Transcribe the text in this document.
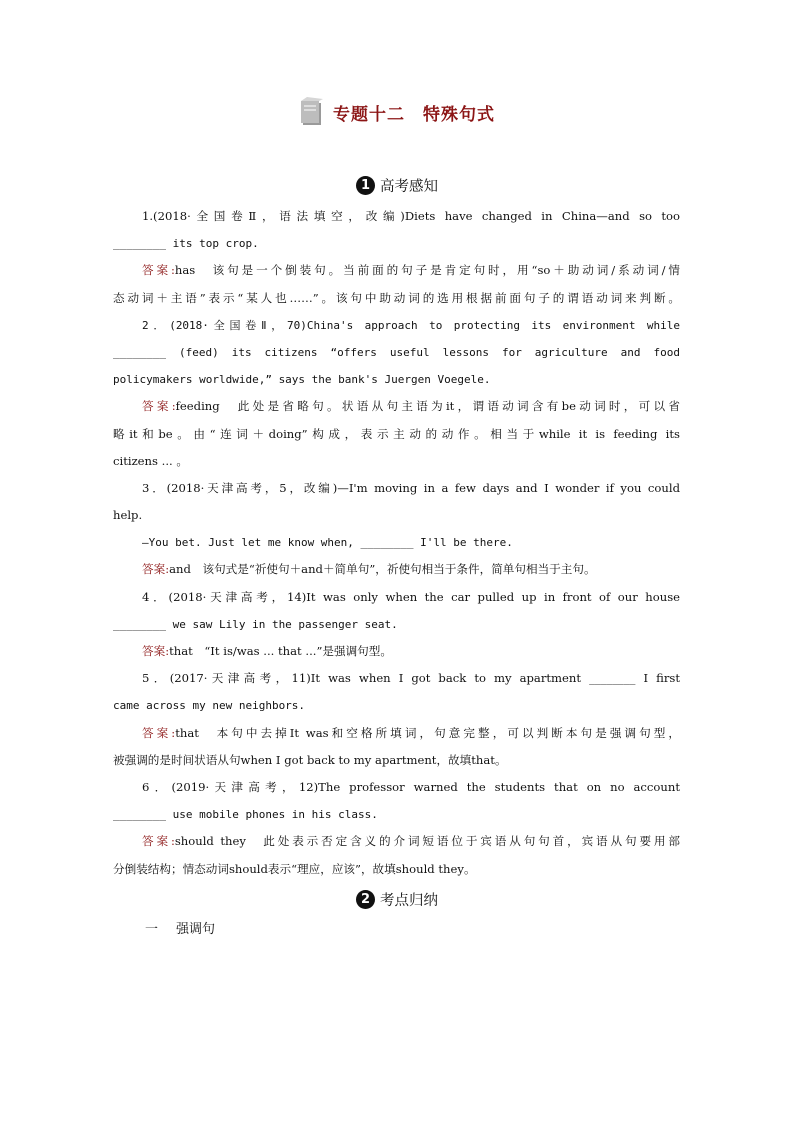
专题十二　特殊句式
1 高考感知
1.(2018·全国卷Ⅱ，语法填空，改编)Diets have changed in China—and so too
________ its top crop.
答案:has　该句是一个倒装句。当前面的句子是肯定句时，用“so＋助动词/系动词/情
态动词＋主语”表示“某人也……”。该句中助动词的选用根据前面句子的谓语动词来判断。
2．(2018·全国卷Ⅱ，70)China's approach to protecting its environment while
________ (feed) its citizens “offers useful lessons for agriculture and food
policymakers worldwide,” says the bank's Juergen Voegele.
答案:feeding　此处是省略句。状语从句主语为it，谓语动词含有be动词时，可以省
略it和be。由“连词＋doing”构成，表示主动的动作。相当于while it is feeding its
citizens ... 。
3．(2018·天津高考，5，改编)—I'm moving in a few days and I wonder if you could
help.
—You bet. Just let me know when, ________ I'll be there.
答案:and　该句式是“祈使句＋and＋简单句”，祈使句相当于条件，简单句相当于主句。
4．(2018·天津高考，14)It was only when the car pulled up in front of our house
________ we saw Lily in the passenger seat.
答案:that　“It is/was ... that ...”是强调句型。
5．(2017·天津高考，11)It was when I got back to my apartment ________ I first
came across my new neighbors.
答案:that　本句中去掉It was和空格所填词，句意完整，可以判断本句是强调句型，
被强调的是时间状语从句when I got back to my apartment，故填that。
6．(2019·天津高考，12)The professor warned the students that on no account
________ use mobile phones in his class.
答案:should they　此处表示否定含义的介词短语位于宾语从句句首，宾语从句要用部
分倒装结构；情态动词should表示“理应，应该”，故填should they。
2 考点归纳
一 强调句
